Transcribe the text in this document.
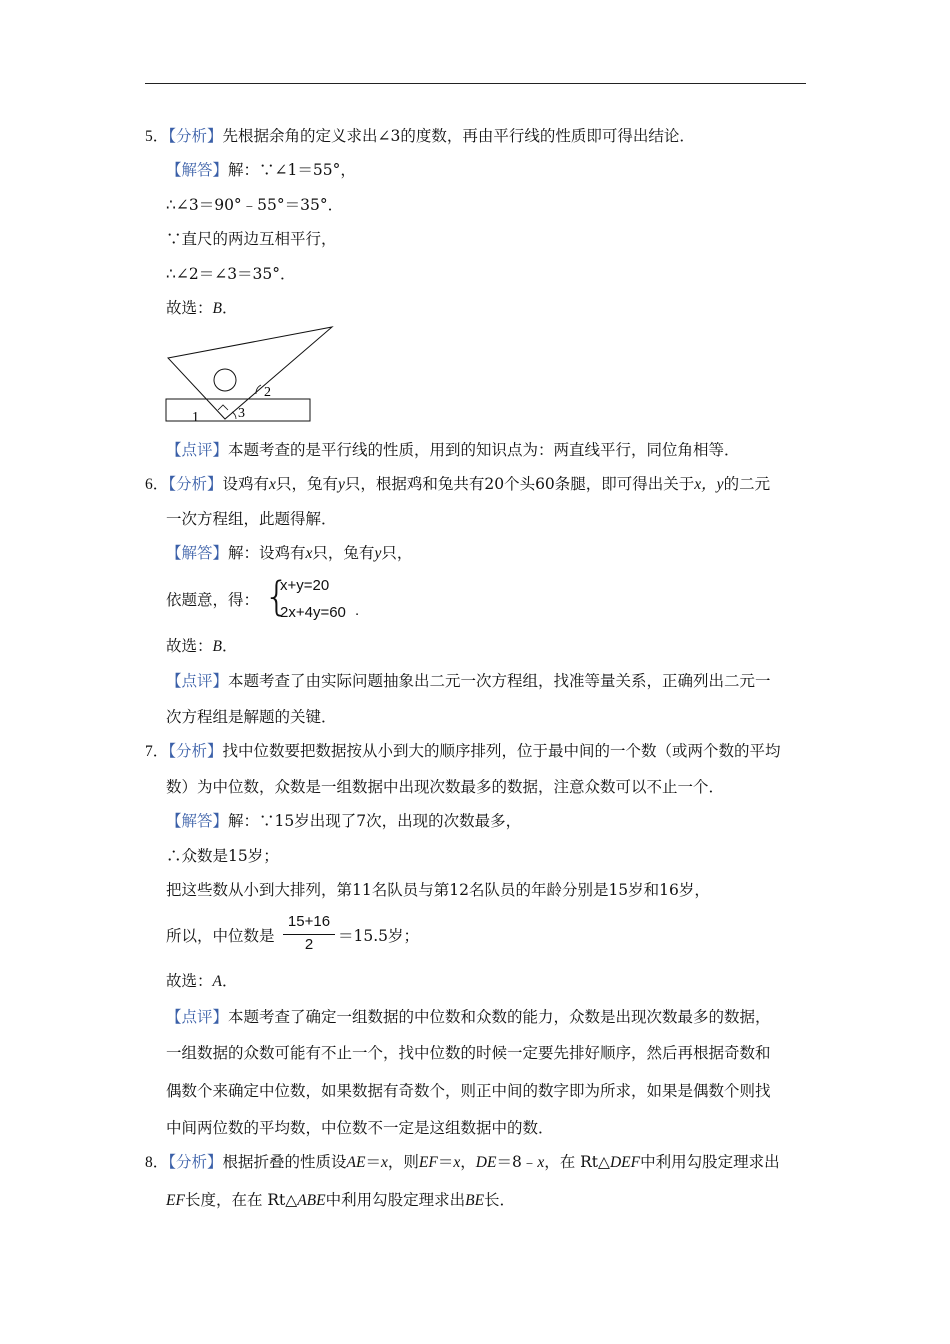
5．【分析】先根据余角的定义求出∠3的度数，再由平行线的性质即可得出结论．
【解答】解：∵∠1＝55°，
∴∠3＝90°﹣55°＝35°．
∵直尺的两边互相平行，
∴∠2＝∠3＝35°．
故选：B．
1
2
3
【点评】本题考查的是平行线的性质，用到的知识点为：两直线平行，同位角相等．
6．【分析】设鸡有x只，兔有y只，根据鸡和兔共有20个头60条腿，即可得出关于x，y的二元
一次方程组，此题得解．
【解答】解：设鸡有x只，兔有y只，
依题意，得： {
x+y=20
2x+4y=60 .
故选：B．
【点评】本题考查了由实际问题抽象出二元一次方程组，找准等量关系，正确列出二元一
次方程组是解题的关键．
7．【分析】找中位数要把数据按从小到大的顺序排列，位于最中间的一个数（或两个数的平均
数）为中位数，众数是一组数据中出现次数最多的数据，注意众数可以不止一个．
【解答】解：∵15岁出现了7次，出现的次数最多，
∴众数是15岁；
把这些数从小到大排列，第11名队员与第12名队员的年龄分别是15岁和16岁，
所以，中位数是
15+16
2	＝15.5岁；
故选：A．
【点评】本题考查了确定一组数据的中位数和众数的能力，众数是出现次数最多的数据，
一组数据的众数可能有不止一个，找中位数的时候一定要先排好顺序，然后再根据奇数和
偶数个来确定中位数，如果数据有奇数个，则正中间的数字即为所求，如果是偶数个则找
中间两位数的平均数，中位数不一定是这组数据中的数．
8．【分析】根据折叠的性质设AE＝x，则EF＝x，DE＝8﹣x，在 Rt△DEF中利用勾股定理求出
EF长度，在在 Rt△ABE中利用勾股定理求出BE长．
